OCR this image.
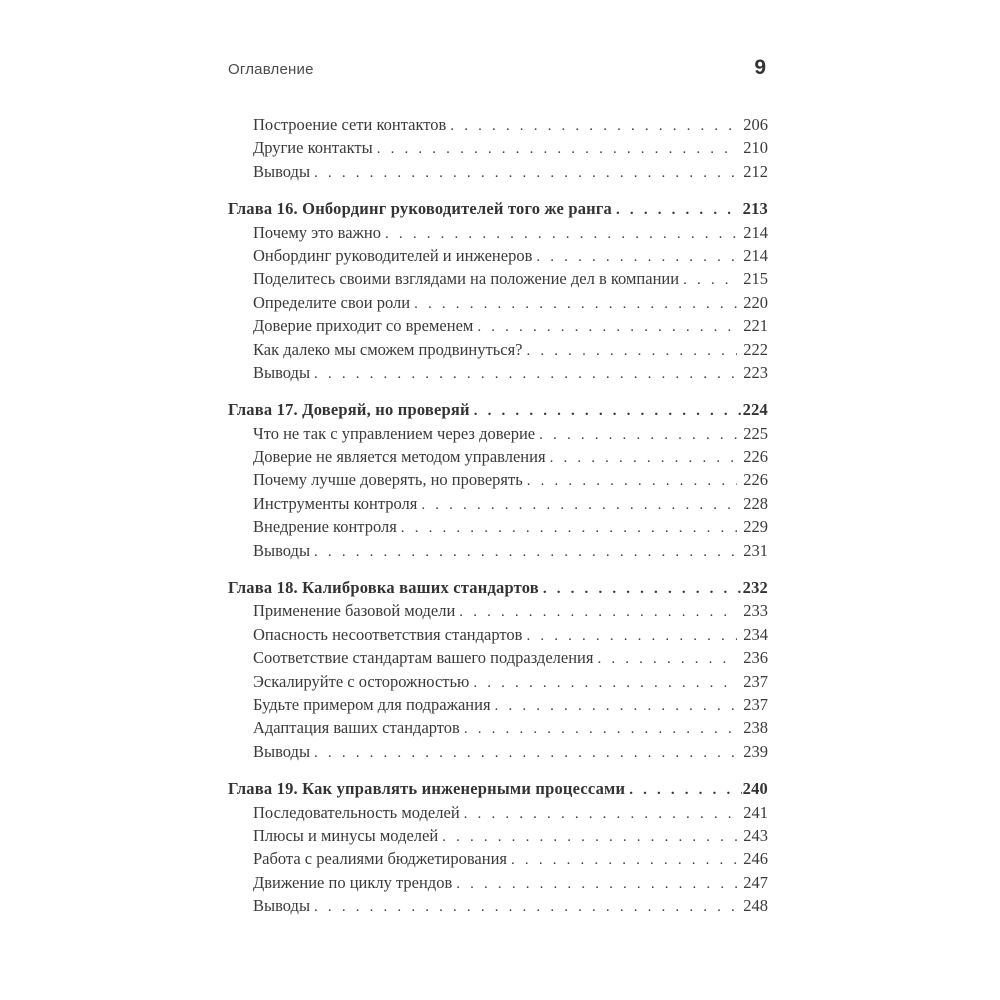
Оглавление	9
Построение сети контактов . . .	206
Другие контакты . . .	210
Выводы . . .	212
Глава 16. Онбординг руководителей того же ранга . . .	213
Почему это важно . . .	214
Онбординг руководителей и инженеров . . .	214
Поделитесь своими взглядами на положение дел в компании . . .	215
Определите свои роли . . .	220
Доверие приходит со временем . . .	221
Как далеко мы сможем продвинуться? . . .	222
Выводы . . .	223
Глава 17. Доверяй, но проверяй . . .	224
Что не так с управлением через доверие . . .	225
Доверие не является методом управления . . .	226
Почему лучше доверять, но проверять . . .	226
Инструменты контроля . . .	228
Внедрение контроля . . .	229
Выводы . . .	231
Глава 18. Калибровка ваших стандартов . . .	232
Применение базовой модели . . .	233
Опасность несоответствия стандартов . . .	234
Соответствие стандартам вашего подразделения . . .	236
Эскалируйте с осторожностью . . .	237
Будьте примером для подражания . . .	237
Адаптация ваших стандартов . . .	238
Выводы . . .	239
Глава 19. Как управлять инженерными процессами . . .	240
Последовательность моделей . . .	241
Плюсы и минусы моделей . . .	243
Работа с реалиями бюджетирования . . .	246
Движение по циклу трендов . . .	247
Выводы . . .	248
